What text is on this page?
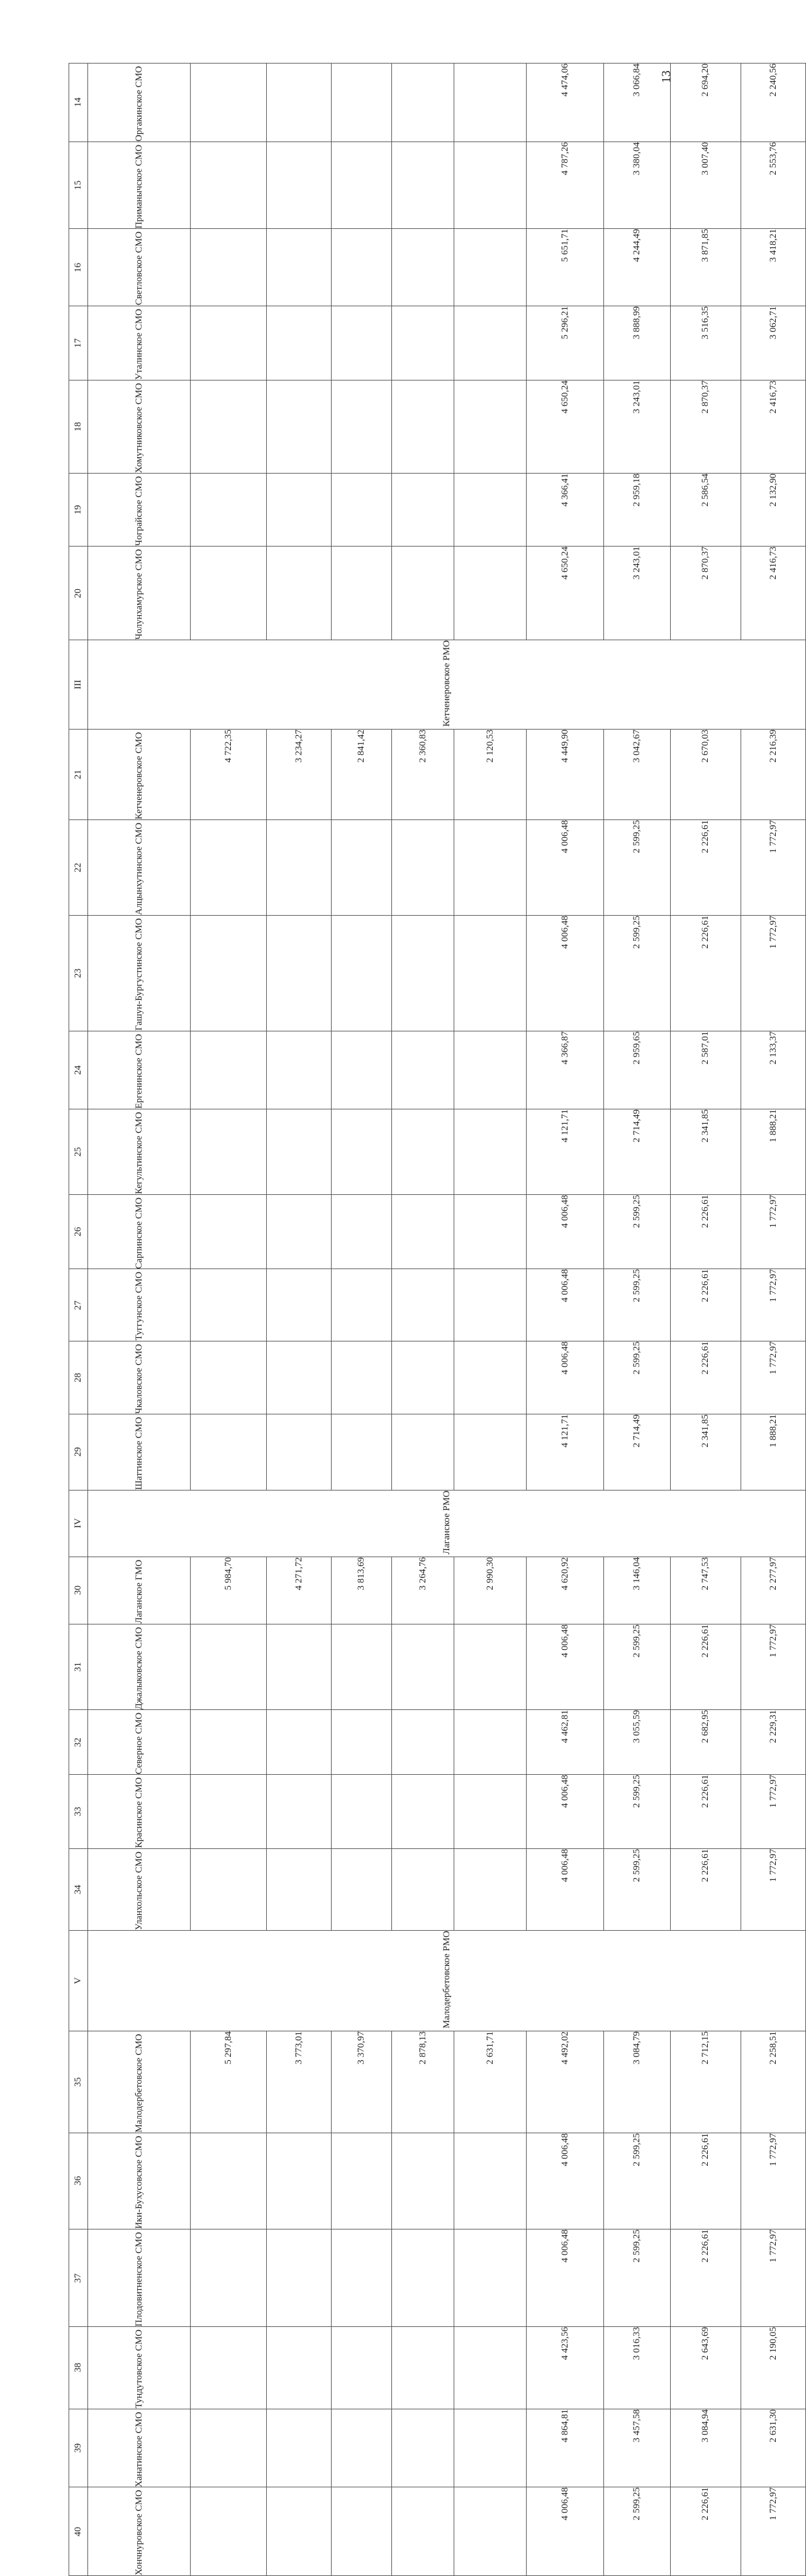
14	Оргакинское СМО						4 474,06	3 066,84	2 694,20	2 240,56

15	Приманычское СМО						4 787,26	3 380,04	3 007,40	2 553,76

16	Светловское СМО						5 651,71	4 244,49	3 871,85	3 418,21

17	Уталинское СМО						5 296,21	3 888,99	3 516,35	3 062,71

18	Хомутниковское СМО						4 650,24	3 243,01	2 870,37	2 416,73

19	Чограйское СМО						4 366,41	2 959,18	2 586,54	2 132,90

20	Чолунхамурское СМО						4 650,24	3 243,01	2 870,37	2 416,73

III	Кетченеровское РМО										

21	Кетченеровское СМО	4 722,35	3 234,27	2 841,42	2 360,83	2 120,53	4 449,90	3 042,67	2 670,03	2 216,39

22	Алцынхутинское СМО						4 006,48	2 599,25	2 226,61	1 772,97

23	Гашун-Бургустинское СМО						4 006,48	2 599,25	2 226,61	1 772,97

24	Ергенинское СМО						4 366,87	2 959,65	2 587,01	2 133,37

25	Кегультинское СМО						4 121,71	2 714,49	2 341,85	1 888,21

26	Сарпинское СМО						4 006,48	2 599,25	2 226,61	1 772,97

27	Туггунское СМО						4 006,48	2 599,25	2 226,61	1 772,97

28	Чкаловское СМО						4 006,48	2 599,25	2 226,61	1 772,97

29	Шаттинское СМО						4 121,71	2 714,49	2 341,85	1 888,21

IV	Лаганское РМО										

30	Лаганское ГМО	5 984,70	4 271,72	3 813,69	3 264,76	2 990,30	4 620,92	3 146,04	2 747,53	2 277,97

31	Джалыковское СМО						4 006,48	2 599,25	2 226,61	1 772,97

32	Северное СМО						4 462,81	3 055,59	2 682,95	2 229,31

33	Красинское СМО						4 006,48	2 599,25	2 226,61	1 772,97

34	Уланхольское СМО						4 006,48	2 599,25	2 226,61	1 772,97

V	Малодербетовское РМО										

35	Малодербетовское СМО	5 297,84	3 773,01	3 370,97	2 878,13	2 631,71	4 492,02	3 084,79	2 712,15	2 258,51

36	Ики-Бухусовское СМО						4 006,48	2 599,25	2 226,61	1 772,97

37	Плодовитненское СМО						4 006,48	2 599,25	2 226,61	1 772,97

38	Тундутовское СМО						4 423,56	3 016,33	2 643,69	2 190,05

39	Ханатинское СМО						4 864,81	3 457,58	3 084,94	2 631,30

40	Хончнуровское СМО						4 006,48	2 599,25	2 226,61	1 772,97

13
